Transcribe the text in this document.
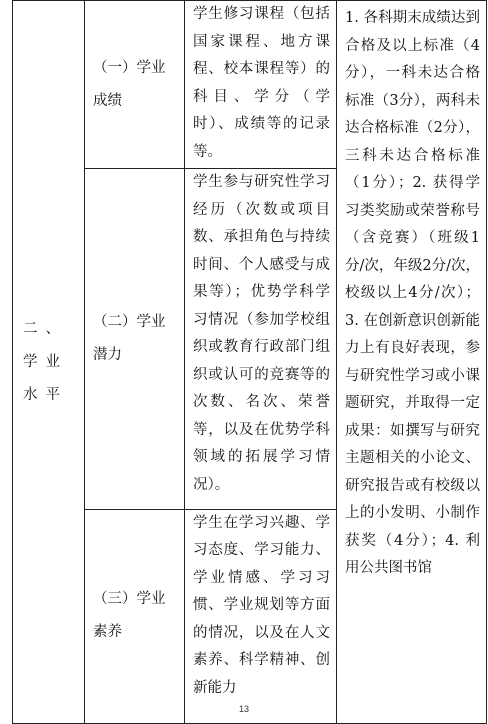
二、 学业水平	（一）学业成绩	学生修习课程（包括国家课程、地方课程、校本课程等）的科目、学分（学时）、成绩等的记录等。	1. 各科期末成绩达到合格及以上标准（4分），一科未达合格标准（3分），两科未达合格标准（2分），三科未达合格标准（1分）；2. 获得学习类奖励或荣誉称号（含竞赛）（班级1分/次，年级2分/次，校级以上4分/次）；3. 在创新意识创新能力上有良好表现，参与研究性学习或小课题研究，并取得一定成果：如撰写与研究主题相关的小论文、研究报告或有校级以上的小发明、小制作获奖（4分）；4. 利用公共图书馆

	（二）学业潜力	学生参与研究性学习经历（次数或项目数、承担角色与持续时间、个人感受与成果等）；优势学科学习情况（参加学校组织或教育行政部门组织或认可的竞赛等的次数、名次、荣誉等，以及在优势学科领域的拓展学习情况）。	
	（三）学业素养	学生在学习兴趣、学习态度、学习能力、学业情感、学习习惯、学业规划等方面的情况，以及在人文素养、科学精神、创新能力	
13
